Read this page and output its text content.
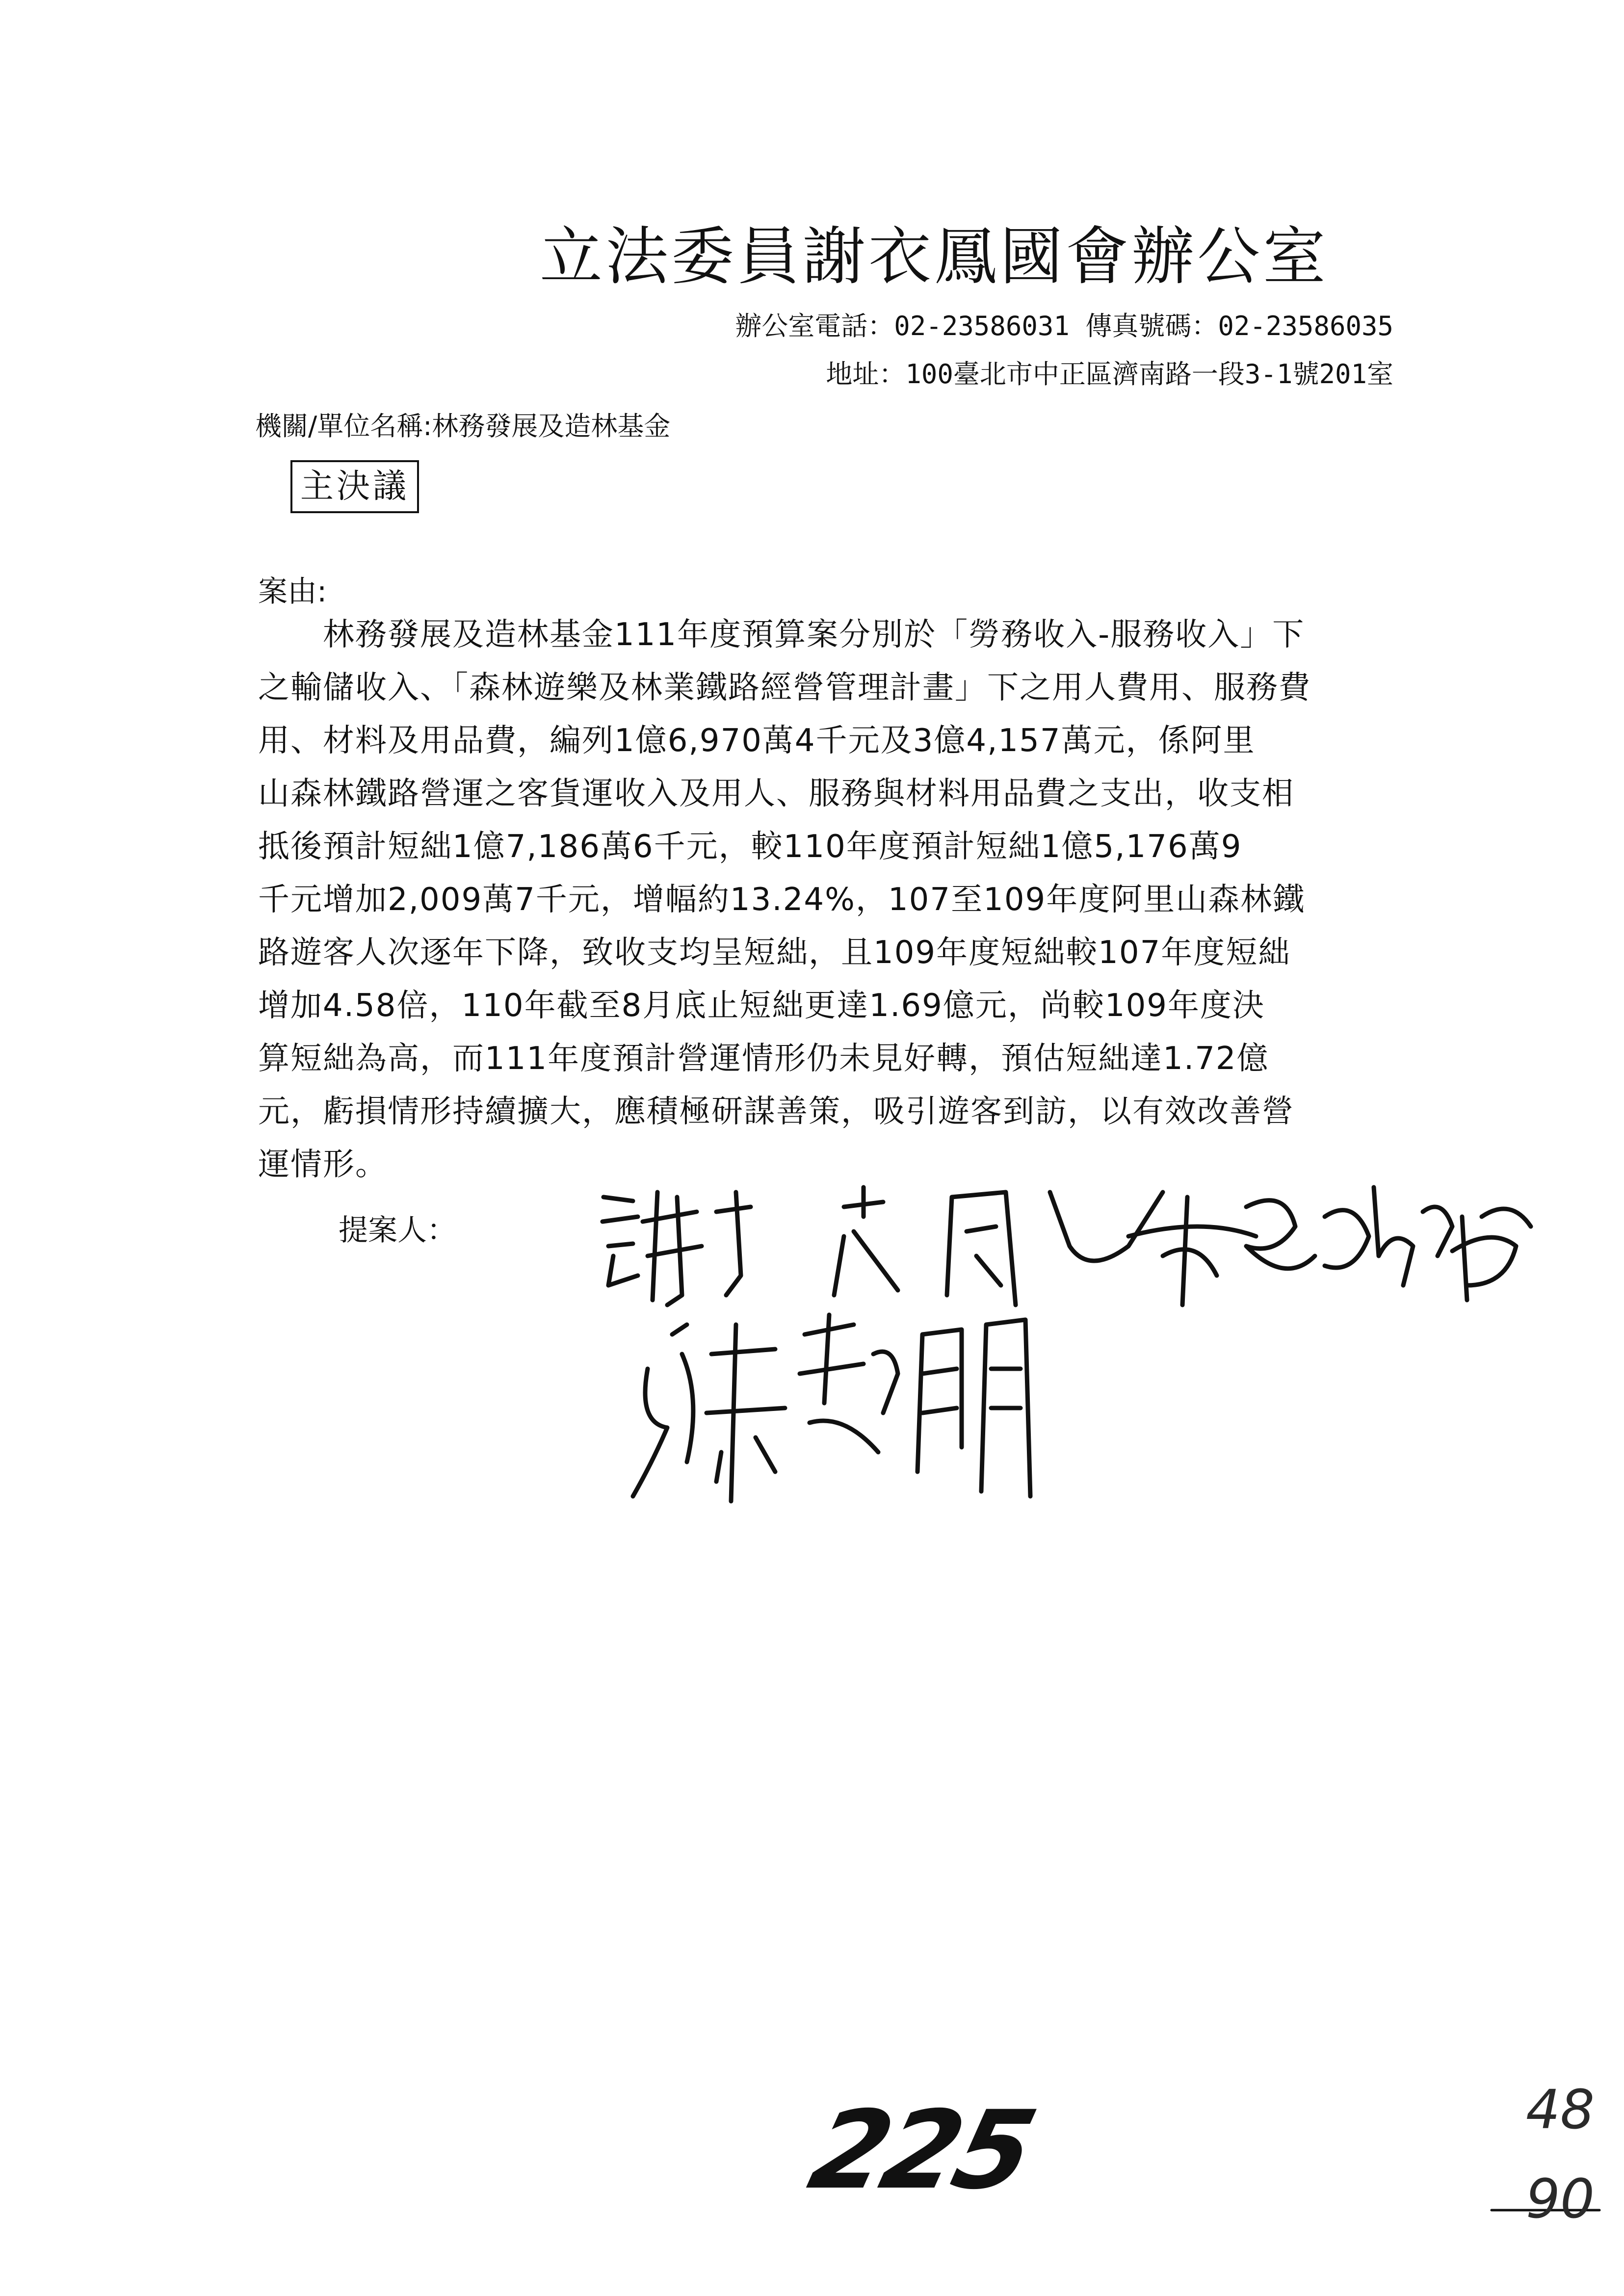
立法委員謝衣鳳國會辦公室
辦公室電話：02-23586031 傳真號碼：02-23586035
地址：100臺北市中正區濟南路一段3-1號201室
機關/單位名稱:林務發展及造林基金
主決議
案由:
　　林務發展及造林基金111年度預算案分別於「勞務收入-服務收入」下
之輸儲收入、「森林遊樂及林業鐵路經營管理計畫」下之用人費用、服務費
用、材料及用品費，編列1億6,970萬4千元及3億4,157萬元，係阿里
山森林鐵路營運之客貨運收入及用人、服務與材料用品費之支出，收支相
抵後預計短絀1億7,186萬6千元，較110年度預計短絀1億5,176萬9
千元增加2,009萬7千元，增幅約13.24%，107至109年度阿里山森林鐵
路遊客人次逐年下降，致收支均呈短絀，且109年度短絀較107年度短絀
增加4.58倍，110年截至8月底止短絀更達1.69億元，尚較109年度決
算短絀為高，而111年度預計營運情形仍未見好轉，預估短絀達1.72億
元，虧損情形持續擴大，應積極研謀善策，吸引遊客到訪，以有效改善營
運情形。
提案人：
225	48
90
